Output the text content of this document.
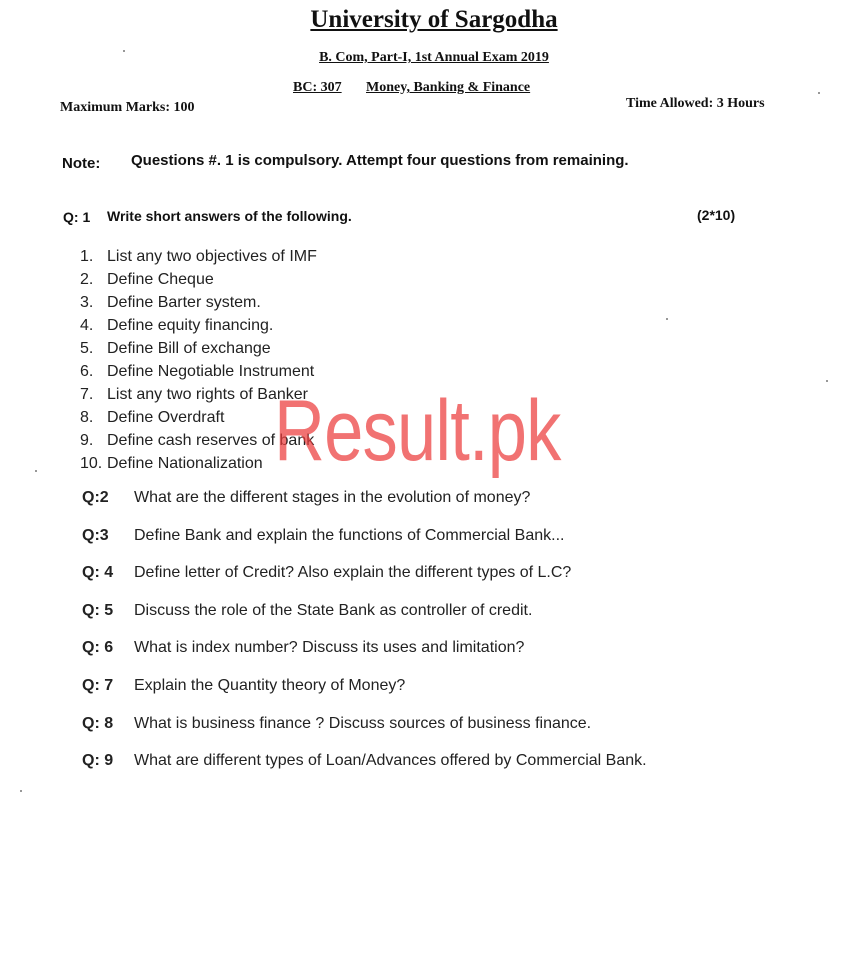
University of Sargodha
B. Com, Part-I, 1st Annual Exam 2019
BC: 307 Money, Banking & Finance
Maximum Marks: 100	Time Allowed: 3 Hours
Note: Questions #. 1 is compulsory. Attempt four questions from remaining.
Q: 1 Write short answers of the following.	(2*10)
1. List any two objectives of IMF
2. Define Cheque
3. Define Barter system.
4. Define equity financing.
5. Define Bill of exchange
6. Define Negotiable Instrument
7. List any two rights of Banker
8. Define Overdraft
9. Define cash reserves of bank
10. Define Nationalization
Q:2 What are the different stages in the evolution of money?
Q:3 Define Bank and explain the functions of Commercial Bank...
Q: 4 Define letter of Credit? Also explain the different types of L.C?
Q: 5 Discuss the role of the State Bank as controller of credit.
Q: 6 What is index number? Discuss its uses and limitation?
Q: 7 Explain the Quantity theory of Money?
Q: 8 What is business finance ? Discuss sources of business finance.
Q: 9 What are different types of Loan/Advances offered by Commercial Bank.
Result.pk
